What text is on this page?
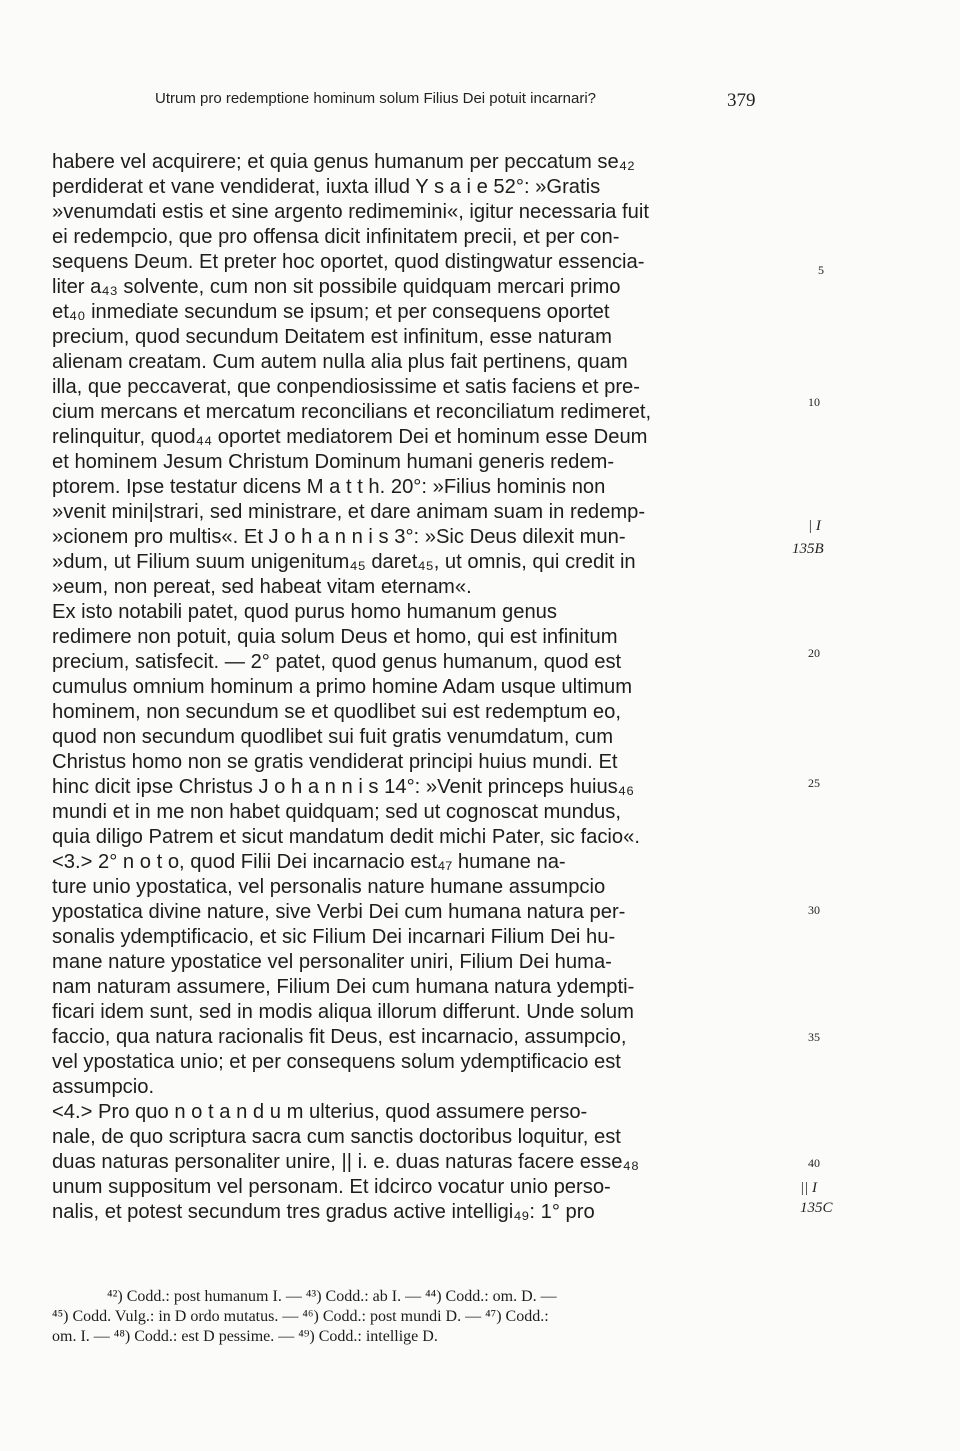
Utrum pro redemptione hominum solum Filius Dei potuit incarnari?	379
habere vel acquirere; et quia genus humanum per peccatum se₄₂
perdiderat et vane vendiderat, iuxta illud Y s a i e 52°: »Gratis
»venumdati estis et sine argento redimemini«, igitur necessaria fuit
ei redempcio, que pro offensa dicit infinitatem precii, et per con-
sequens Deum. Et preter hoc oportet, quod distingwatur essencia-
liter a₄₃ solvente, cum non sit possibile quidquam mercari primo
et₄₀ inmediate secundum se ipsum; et per consequens oportet
precium, quod secundum Deitatem est infinitum, esse naturam
alienam creatam. Cum autem nulla alia plus fait pertinens, quam
illa, que peccaverat, que conpendiosissime et satis faciens et pre-
cium mercans et mercatum reconcilians et reconciliatum redimeret,
relinquitur, quod₄₄ oportet mediatorem Dei et hominum esse Deum
et hominem Jesum Christum Dominum humani generis redem-
ptorem. Ipse testatur dicens M a t t h. 20°: »Filius hominis non
»venit mini|strari, sed ministrare, et dare animam suam in redemp-
»cionem pro multis«. Et J o h a n n i s 3°: »Sic Deus dilexit mun-
»dum, ut Filium suum unigenitum₄₅ daret₄₅, ut omnis, qui credit in
»eum, non pereat, sed habeat vitam eternam«.
Ex isto notabili patet, quod purus homo humanum genus
redimere non potuit, quia solum Deus et homo, qui est infinitum
precium, satisfecit. — 2° patet, quod genus humanum, quod est
cumulus omnium hominum a primo homine Adam usque ultimum
hominem, non secundum se et quodlibet sui est redemptum eo,
quod non secundum quodlibet sui fuit gratis venumdatum, cum
Christus homo non se gratis vendiderat principi huius mundi. Et
hinc dicit ipse Christus J o h a n n i s 14°: »Venit princeps huius₄₆
mundi et in me non habet quidquam; sed ut cognoscat mundus,
quia diligo Patrem et sicut mandatum dedit michi Pater, sic facio«.
<3.> 2° n o t o, quod Filii Dei incarnacio est₄₇ humane na-
ture unio ypostatica, vel personalis nature humane assumpcio
ypostatica divine nature, sive Verbi Dei cum humana natura per-
sonalis ydemptificacio, et sic Filium Dei incarnari Filium Dei hu-
mane nature ypostatice vel personaliter uniri, Filium Dei huma-
nam naturam assumere, Filium Dei cum humana natura ydempti-
ficari idem sunt, sed in modis aliqua illorum differunt. Unde solum
faccio, qua natura racionalis fit Deus, est incarnacio, assumpcio,
vel ypostatica unio; et per consequens solum ydemptificacio est
assumpcio.
<4.> Pro quo n o t a n d u m ulterius, quod assumere perso-
nale, de quo scriptura sacra cum sanctis doctoribus loquitur, est
duas naturas personaliter unire, || i. e. duas naturas facere esse₄₈
unum suppositum vel personam. Et idcirco vocatur unio perso-
nalis, et potest secundum tres gradus active intelligi₄₉: 1° pro
5
10
20
25
30
35
40
| I
135B
|| I
135C
⁴²) Codd.: post humanum I. — ⁴³) Codd.: ab I. — ⁴⁴) Codd.: om. D. —
⁴⁵) Codd. Vulg.: in D ordo mutatus. — ⁴⁶) Codd.: post mundi D. — ⁴⁷) Codd.:
om. I. — ⁴⁸) Codd.: est D pessime. — ⁴⁹) Codd.: intellige D.
